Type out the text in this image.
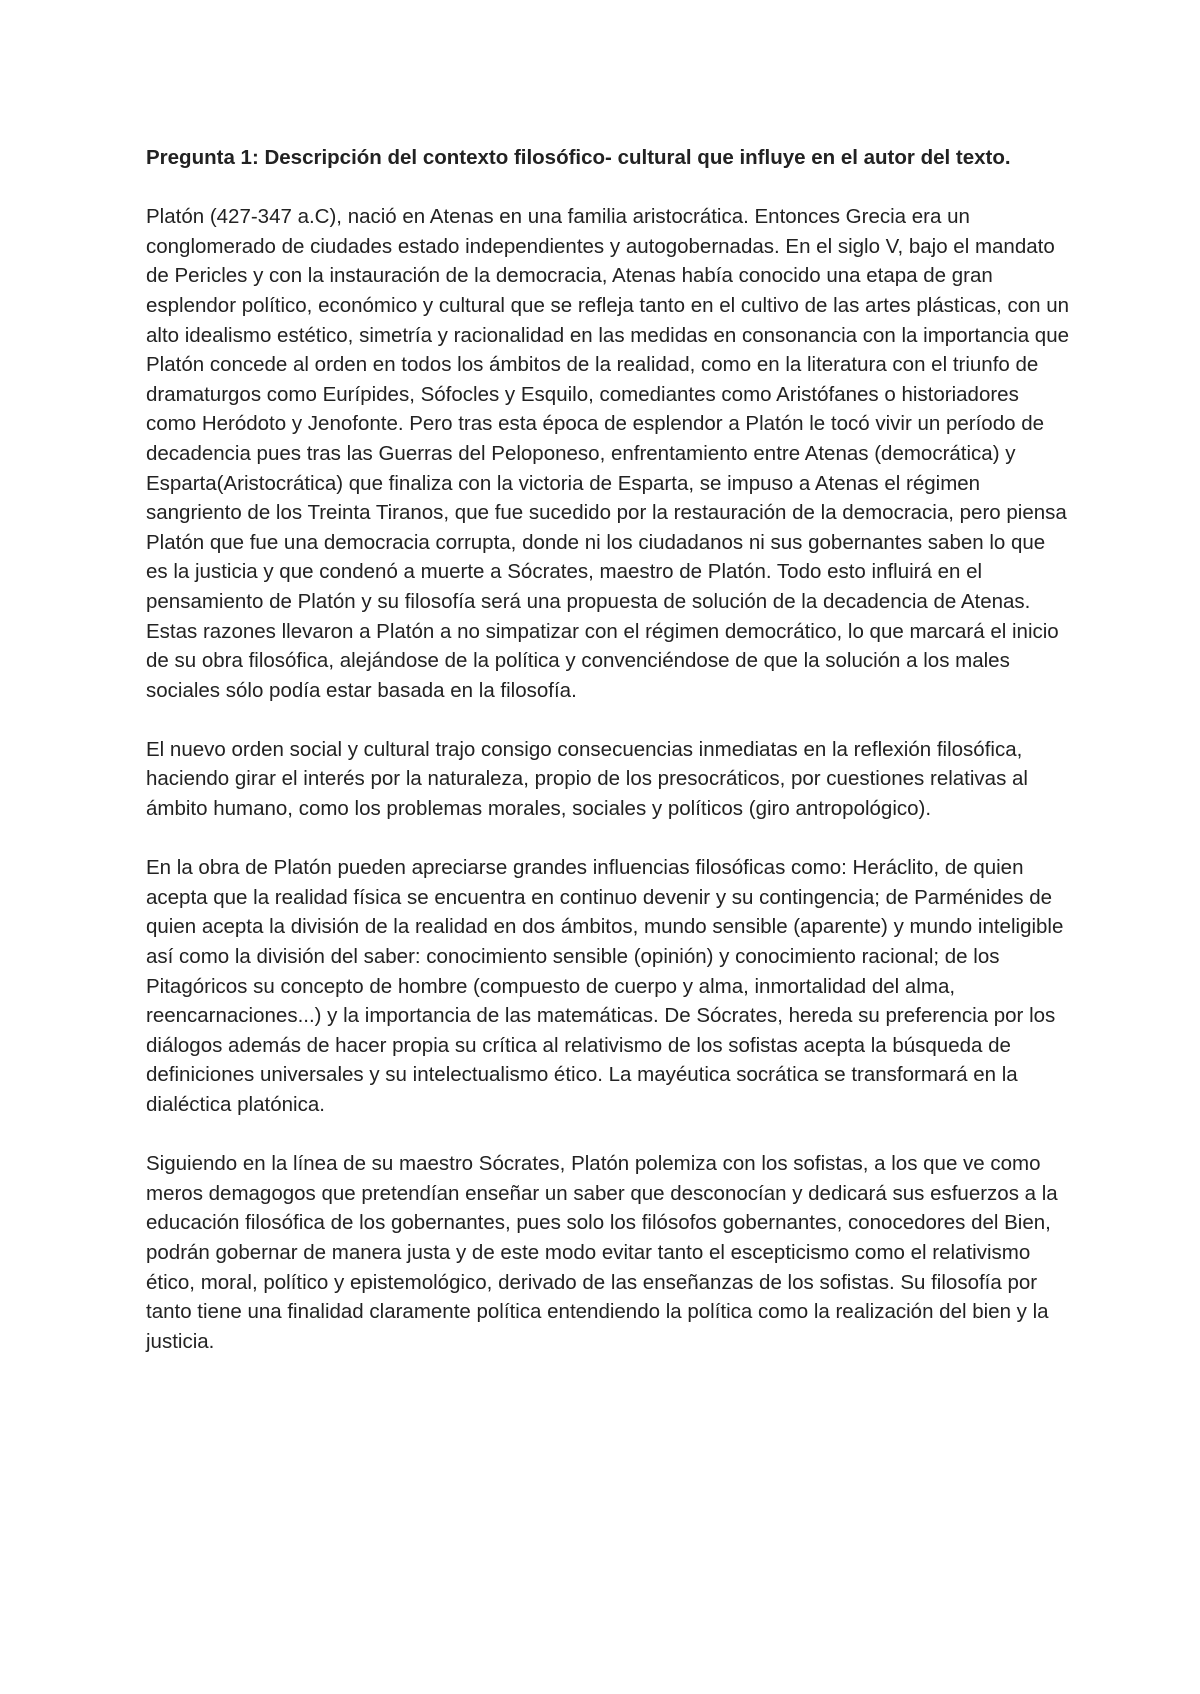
Pregunta 1: Descripción del contexto filosófico- cultural que influye en el autor del texto.
Platón (427-347 a.C), nació en Atenas en una familia aristocrática. Entonces Grecia era un conglomerado de ciudades estado independientes y autogobernadas. En el siglo V, bajo el mandato de Pericles y con la instauración de la democracia, Atenas había conocido una etapa de gran esplendor político, económico y cultural que se refleja tanto en el cultivo de las artes plásticas, con un alto idealismo estético, simetría y racionalidad en las medidas en consonancia con la importancia que Platón concede al orden en todos los ámbitos de la realidad, como en la literatura con el triunfo de dramaturgos como Eurípides, Sófocles y Esquilo, comediantes como Aristófanes o historiadores como Heródoto y Jenofonte. Pero tras esta época de esplendor a Platón le tocó vivir un período de decadencia pues tras las Guerras del Peloponeso, enfrentamiento entre Atenas (democrática) y Esparta(Aristocrática) que finaliza con la victoria de Esparta, se impuso a Atenas el régimen sangriento de los Treinta Tiranos, que fue sucedido por la restauración de la democracia, pero piensa Platón que fue una democracia corrupta, donde ni los ciudadanos ni sus gobernantes saben lo que es la justicia y que condenó a muerte a Sócrates, maestro de Platón. Todo esto influirá en el pensamiento de Platón y su filosofía será una propuesta de solución de la decadencia de Atenas. Estas razones llevaron a Platón a no simpatizar con el régimen democrático, lo que marcará el inicio de su obra filosófica, alejándose de la política y convenciéndose de que la solución a los males sociales sólo podía estar basada en la filosofía.
El nuevo orden social y cultural trajo consigo consecuencias inmediatas en la reflexión filosófica, haciendo girar el interés por la naturaleza, propio de los presocráticos, por cuestiones relativas al ámbito humano, como los problemas morales, sociales y políticos (giro antropológico).
En la obra de Platón pueden apreciarse grandes influencias filosóficas como: Heráclito, de quien acepta que la realidad física se encuentra en continuo devenir y su contingencia; de Parménides de quien acepta la división de la realidad en dos ámbitos, mundo sensible (aparente) y mundo inteligible así como la división del saber: conocimiento sensible (opinión) y conocimiento racional; de los Pitagóricos su concepto de hombre (compuesto de cuerpo y alma, inmortalidad del alma, reencarnaciones...) y la importancia de las matemáticas. De Sócrates, hereda su preferencia por los diálogos además de hacer propia su crítica al relativismo de los sofistas acepta la búsqueda de definiciones universales y su intelectualismo ético. La mayéutica socrática se transformará en la dialéctica platónica.
Siguiendo en la línea de su maestro Sócrates, Platón polemiza con los sofistas, a los que ve como meros demagogos que pretendían enseñar un saber que desconocían y dedicará sus esfuerzos a la educación filosófica de los gobernantes, pues solo los filósofos gobernantes, conocedores del Bien, podrán gobernar de manera justa y de este modo evitar tanto el escepticismo como el relativismo ético, moral, político y epistemológico, derivado de las enseñanzas de los sofistas. Su filosofía por tanto tiene una finalidad claramente política entendiendo la política como la realización del bien y la justicia.
